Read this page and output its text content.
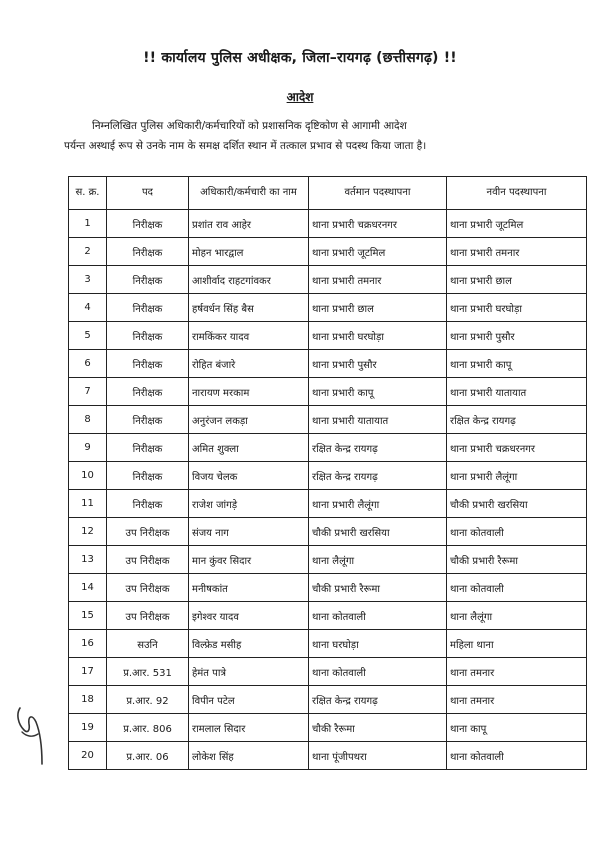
!! कार्यालय पुलिस अधीक्षक, जिला–रायगढ़ (छत्तीसगढ़) !!
आदेश
निम्नलिखित पुलिस अधिकारी/कर्मचारियों को प्रशासनिक दृष्टिकोण से आगामी आदेश
पर्यन्त अस्थाई रूप से उनके नाम के समक्ष दर्शित स्थान में तत्काल प्रभाव से पदस्थ किया जाता है।
स. क्र.	पद	अधिकारी/कर्मचारी का नाम	वर्तमान पदस्थापना	नवीन पदस्थापना
1	निरीक्षक	प्रशांत राव आहेर	थाना प्रभारी चक्रधरनगर	थाना प्रभारी जूटमिल
2	निरीक्षक	मोहन भारद्वाल	थाना प्रभारी जूटमिल	थाना प्रभारी तमनार
3	निरीक्षक	आशीर्वाद राहटगांवकर	थाना प्रभारी तमनार	थाना प्रभारी छाल
4	निरीक्षक	हर्षवर्धन सिंह बैस	थाना प्रभारी छाल	थाना प्रभारी घरघोड़ा
5	निरीक्षक	रामकिंकर यादव	थाना प्रभारी घरघोड़ा	थाना प्रभारी पुसौर
6	निरीक्षक	रोहित बंजारे	थाना प्रभारी पुसौर	थाना प्रभारी कापू
7	निरीक्षक	नारायण मरकाम	थाना प्रभारी कापू	थाना प्रभारी यातायात
8	निरीक्षक	अनुरंजन लकड़ा	थाना प्रभारी यातायात	रक्षित केन्द्र रायगढ़
9	निरीक्षक	अमित शुक्ला	रक्षित केन्द्र रायगढ़	थाना प्रभारी चक्रधरनगर
10	निरीक्षक	विजय चेलक	रक्षित केन्द्र रायगढ़	थाना प्रभारी लैलूंगा
11	निरीक्षक	राजेश जांगड़े	थाना प्रभारी लैलूंगा	चौकी प्रभारी खरसिया
12	उप निरीक्षक	संजय नाग	चौकी प्रभारी खरसिया	थाना कोतवाली
13	उप निरीक्षक	मान कुंवर सिदार	थाना लैलूंगा	चौकी प्रभारी रैरूमा
14	उप निरीक्षक	मनीषकांत	चौकी प्रभारी रैरूमा	थाना कोतवाली
15	उप निरीक्षक	इगेश्वर यादव	थाना कोतवाली	थाना लैलूंगा
16	सउनि	विल्फ्रेड मसीह	थाना घरघोड़ा	महिला थाना
17	प्र.आर. 531	हेमंत पात्रे	थाना कोतवाली	थाना तमनार
18	प्र.आर. 92	विपीन पटेल	रक्षित केन्द्र रायगढ़	थाना तमनार
19	प्र.आर. 806	रामलाल सिदार	चौकी रैरूमा	थाना कापू
20	प्र.आर. 06	लोकेश सिंह	थाना पूंजीपथरा	थाना कोतवाली
